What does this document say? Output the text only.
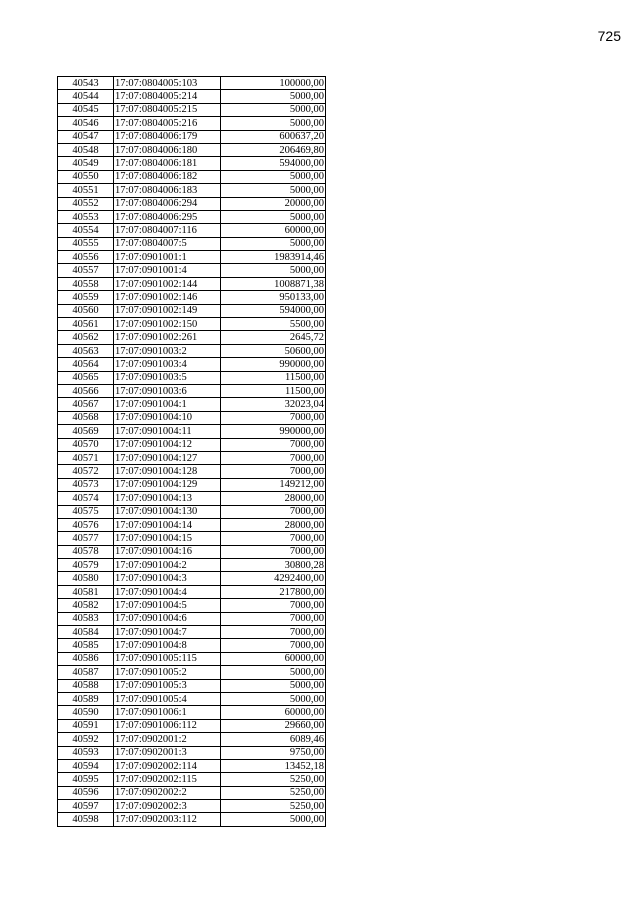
725
40543	17:07:0804005:103	100000,00
40544	17:07:0804005:214	5000,00
40545	17:07:0804005:215	5000,00
40546	17:07:0804005:216	5000,00
40547	17:07:0804006:179	600637,20
40548	17:07:0804006:180	206469,80
40549	17:07:0804006:181	594000,00
40550	17:07:0804006:182	5000,00
40551	17:07:0804006:183	5000,00
40552	17:07:0804006:294	20000,00
40553	17:07:0804006:295	5000,00
40554	17:07:0804007:116	60000,00
40555	17:07:0804007:5	5000,00
40556	17:07:0901001:1	1983914,46
40557	17:07:0901001:4	5000,00
40558	17:07:0901002:144	1008871,38
40559	17:07:0901002:146	950133,00
40560	17:07:0901002:149	594000,00
40561	17:07:0901002:150	5500,00
40562	17:07:0901002:261	2645,72
40563	17:07:0901003:2	50600,00
40564	17:07:0901003:4	990000,00
40565	17:07:0901003:5	11500,00
40566	17:07:0901003:6	11500,00
40567	17:07:0901004:1	32023,04
40568	17:07:0901004:10	7000,00
40569	17:07:0901004:11	990000,00
40570	17:07:0901004:12	7000,00
40571	17:07:0901004:127	7000,00
40572	17:07:0901004:128	7000,00
40573	17:07:0901004:129	149212,00
40574	17:07:0901004:13	28000,00
40575	17:07:0901004:130	7000,00
40576	17:07:0901004:14	28000,00
40577	17:07:0901004:15	7000,00
40578	17:07:0901004:16	7000,00
40579	17:07:0901004:2	30800,28
40580	17:07:0901004:3	4292400,00
40581	17:07:0901004:4	217800,00
40582	17:07:0901004:5	7000,00
40583	17:07:0901004:6	7000,00
40584	17:07:0901004:7	7000,00
40585	17:07:0901004:8	7000,00
40586	17:07:0901005:115	60000,00
40587	17:07:0901005:2	5000,00
40588	17:07:0901005:3	5000,00
40589	17:07:0901005:4	5000,00
40590	17:07:0901006:1	60000,00
40591	17:07:0901006:112	29660,00
40592	17:07:0902001:2	6089,46
40593	17:07:0902001:3	9750,00
40594	17:07:0902002:114	13452,18
40595	17:07:0902002:115	5250,00
40596	17:07:0902002:2	5250,00
40597	17:07:0902002:3	5250,00
40598	17:07:0902003:112	5000,00
